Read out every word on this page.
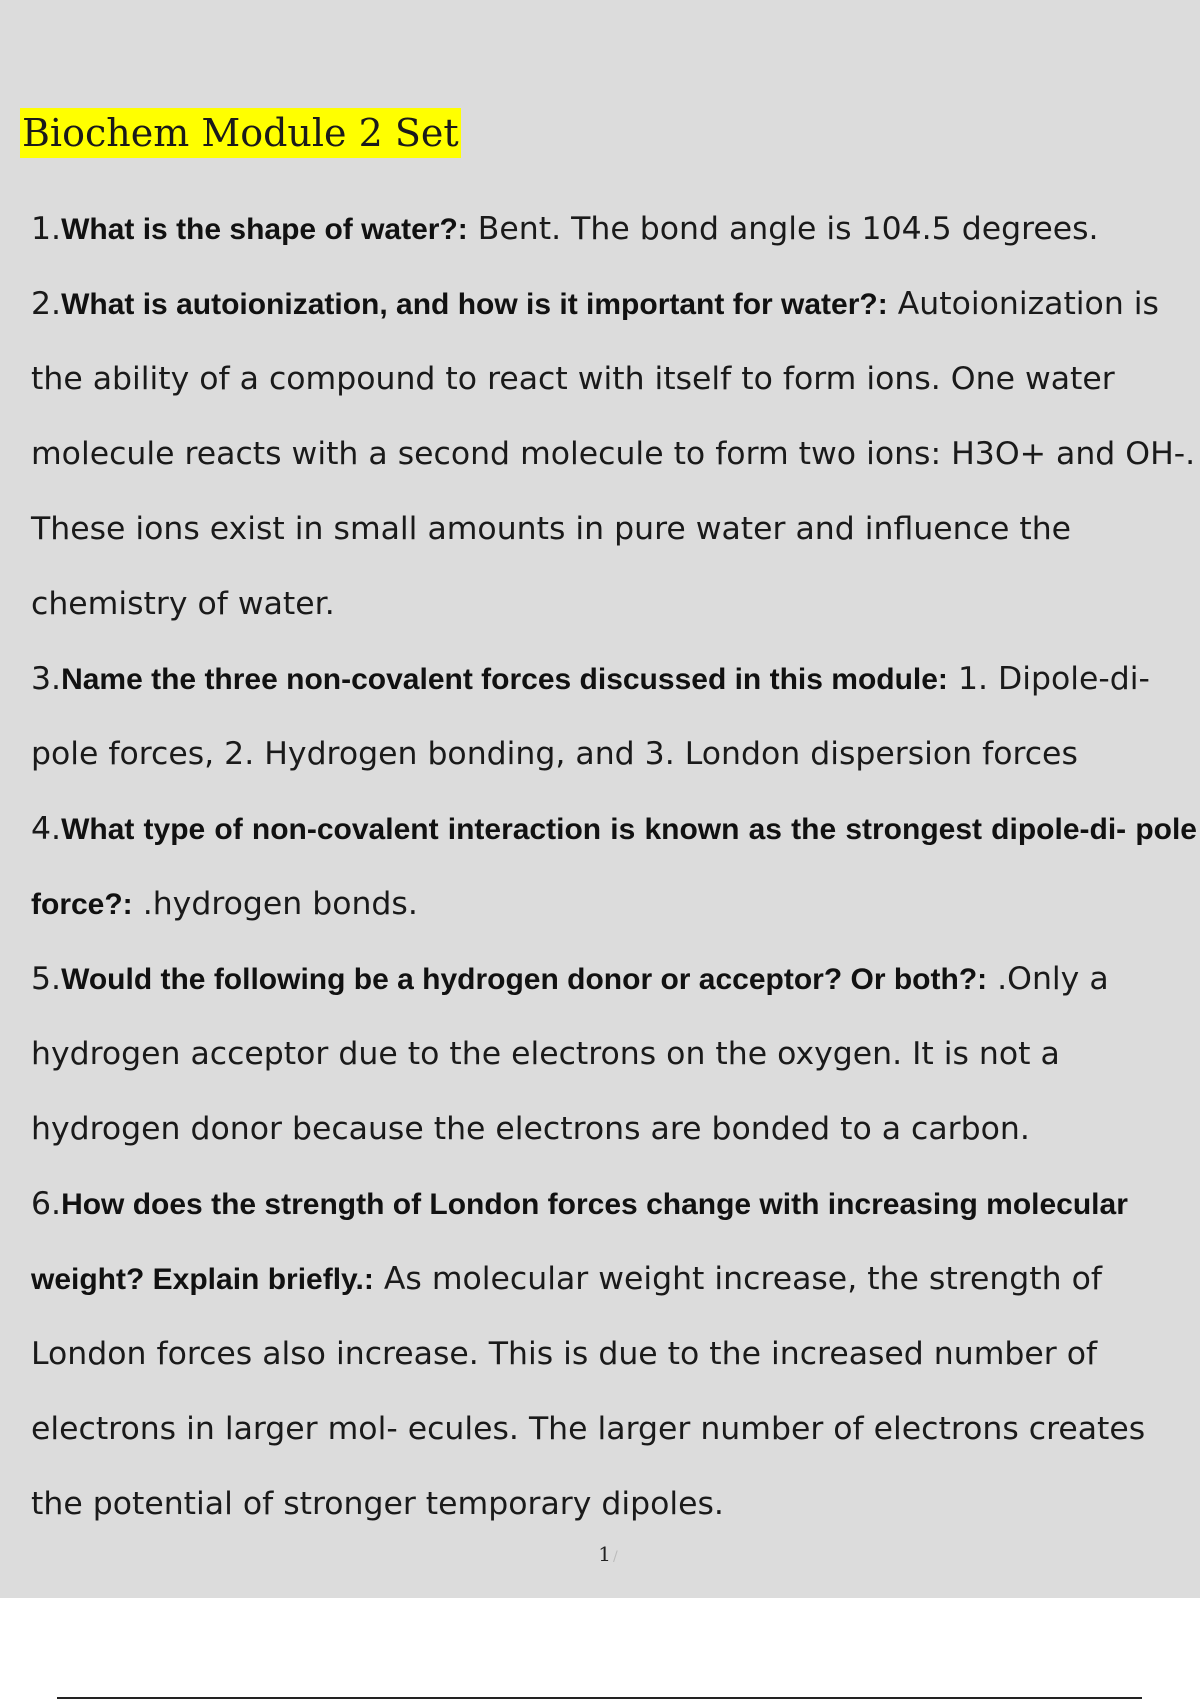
Biochem Module 2 Set
1.What is the shape of water?: Bent. The bond angle is 104.5 degrees.
2.What is autoionization, and how is it important for water?: Autoionization is the ability of a compound to react with itself to form ions. One water molecule reacts with a second molecule to form two ions: H3O+ and OH-. These ions exist in small amounts in pure water and influence the chemistry of water.
3.Name the three non-covalent forces discussed in this module: 1. Dipole-di- pole forces, 2. Hydrogen bonding, and 3. London dispersion forces
4.What type of non-covalent interaction is known as the strongest dipole-di- pole force?: .hydrogen bonds.
5.Would the following be a hydrogen donor or acceptor? Or both?: .Only a hydrogen acceptor due to the electrons on the oxygen. It is not a hydrogen donor because the electrons are bonded to a carbon.
6.How does the strength of London forces change with increasing molecular weight? Explain briefly.: As molecular weight increase, the strength of London forces also increase. This is due to the increased number of electrons in larger mol- ecules. The larger number of electrons creates the potential of stronger temporary dipoles.
1 /
